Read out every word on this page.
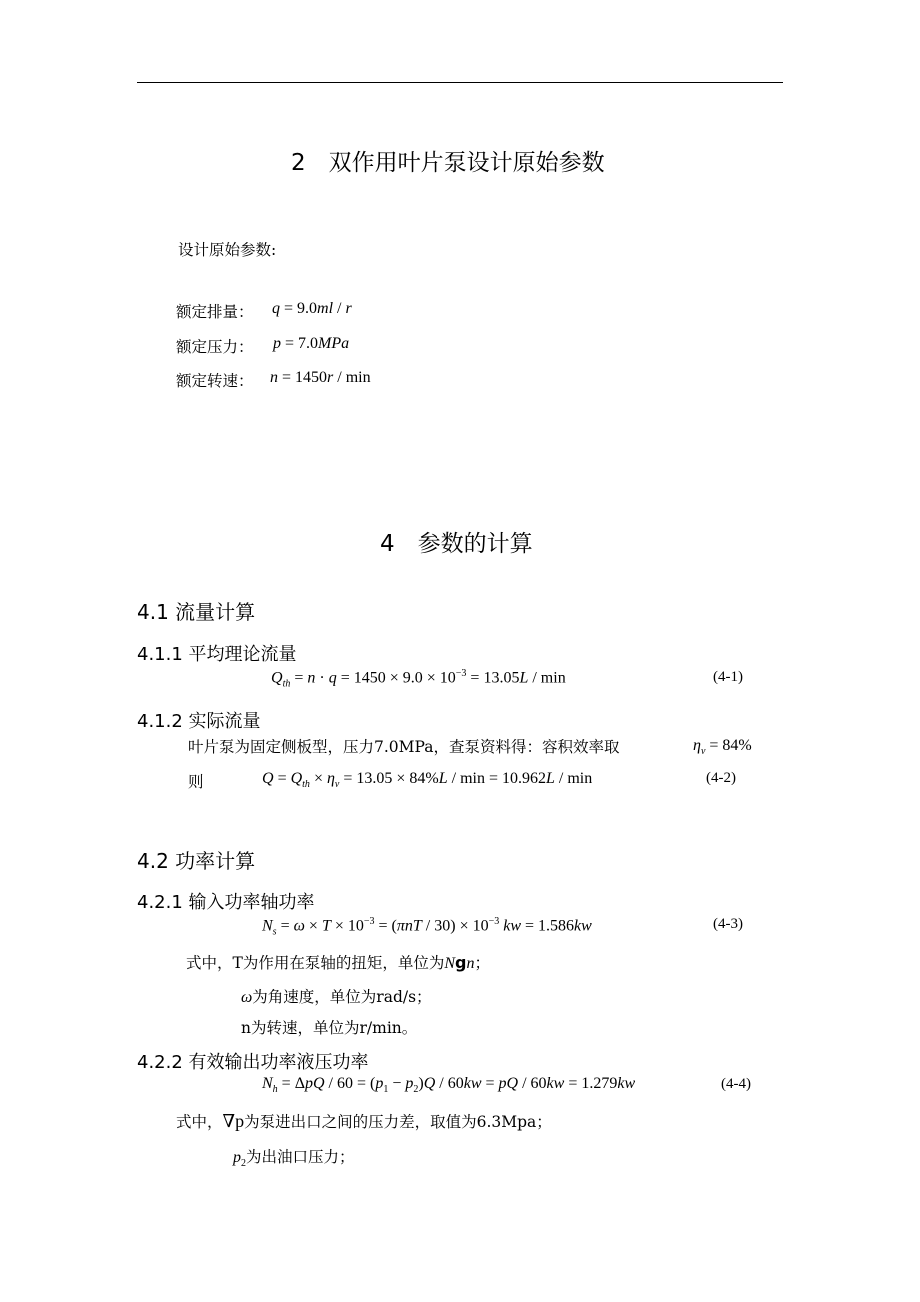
2　双作用叶片泵设计原始参数
设计原始参数:
额定排量： q = 9.0ml / r
额定压力： p = 7.0MPa
额定转速： n = 1450r / min
4　参数的计算
4.1 流量计算
4.1.1 平均理论流量
$Q_{th} = n \cdot q = 1450 \times 9.0 \times 10^{-3} = 13.05L / \min$	(4-1)
4.1.2 实际流量
叶片泵为固定侧板型，压力7.0MPa，查泵资料得：容积效率取	$\eta_v = 84\%$
则	$Q = Q_{th} \times \eta_v = 13.05 \times 84\%L / \min = 10.962L / \min$	(4-2)
4.2 功率计算
4.2.1 输入功率轴功率
$N_s = \omega \times T \times 10^{-3} = (\pi nT / 30) \times 10^{-3}$ kw = 1.586kw	(4-3)
式中，T为作用在泵轴的扭矩，单位为Ngn；
ω为角速度，单位为rad/s；
n为转速，单位为r/min。
4.2.2 有效输出功率液压功率
$N_h = \Delta pQ / 60 = (p_1 - p_2)Q / 60kw$ = pQ / 60kw = 1.279kw	(4-4)
式中，∇p为泵进出口之间的压力差，取值为6.3Mpa；
$p_2$为出油口压力；
